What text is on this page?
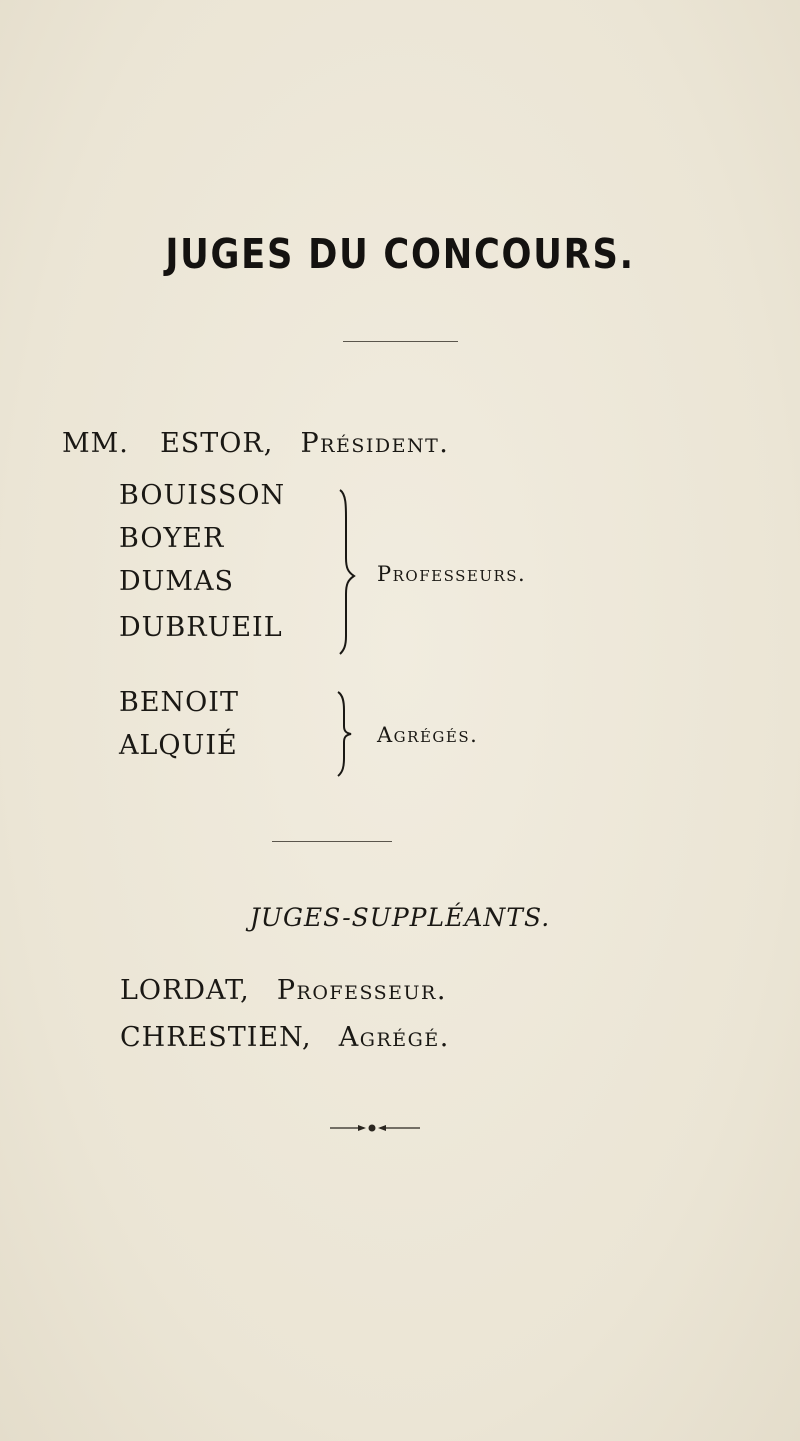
JUGES DU CONCOURS.
MM. ESTOR, Président.
BOUISSON
BOYER
DUMAS
DUBRUEIL
Professeurs.
BENOIT
ALQUIÉ	Agrégés.
JUGES-SUPPLÉANTS.
LORDAT, Professeur.
CHRESTIEN, Agrégé.
